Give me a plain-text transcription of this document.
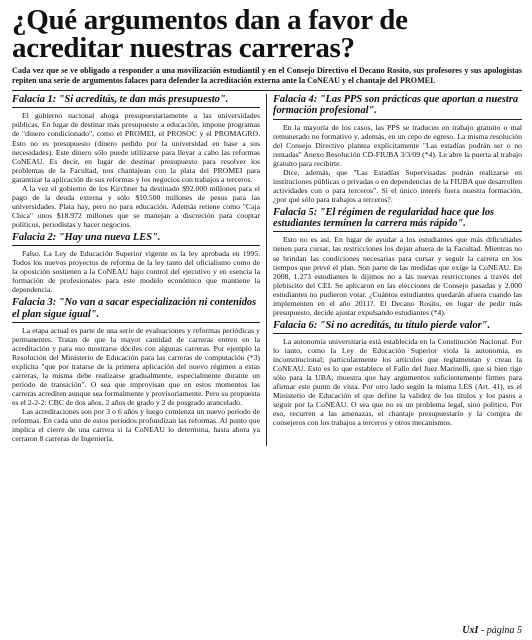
¿Qué argumentos dan a favor de acreditar nuestras carreras?
Cada vez que se ve obligado a responder a una movilización estudiantil y en el Consejo Directivo el Decano Rosito, sus profesores y sus apologistas repiten una serie de argumentos falaces para defender la acreditación externa ante la CoNEAU y el chantaje del PROMEI.
Falacia 1: "Si acreditás, te dan más presupuesto".

El gobierno nacional ahoga presupuestariamente a las universidades públicas. En lugar de destinar más presupuesto a educación, impone programas de "dinero condicionado", como el PROMEI, el PROSOC y el PROMAGRO. Esto no es presupuesto (dinero pedido por la universidad en base a sus necesidades). Este dinero sólo puede utilizarse para llevar a cabo las reformas CoNEAU. Es decir, en lugar de destinar presupuesto para resolver los problemas de la Facultad, nos chantajean con la plata del PROMEI para garantizar la aplicación de sus reformas y los negocios con trabajos a terceros.

A la vez el gobierno de los Kirchner ha destinado $92.000 millones para el pago de la deuda externa y sólo $10.500 millones de pesos para las universidades. Plata hay, pero no para educación. Además retiene como "Caja Chica" unos $18.972 millones que se manejan a discreción para cooptar políticos, periodistas y hacer negocios.

Falacia 2: "Hay una nueva LES".

Falso. La Ley de Educación Superior vigente es la ley aprobada en 1995. Todos los nuevos proyectos de reforma de la ley tanto del oficialismo como de la oposición sostienen a la CoNEAU bajo control del ejecutivo y en esencia la formación de profesionales para este modelo económico que mantiene la dependencia.

Falacia 3: "No van a sacar especialización ni contenidos el plan sigue igual".

La etapa actual es parte de una serie de evaluaciones y reformas periódicas y permanentes. Tratan de que la mayor cantidad de carreras entren en la acreditación y para eso mostrarse dóciles con algunas carreras. Por ejemplo la Resolución del Ministerio de Educación para las carreras de computación (*3) explicita "que por tratarse de la primera aplicación del nuevo régimen a estas carreras, la misma debe realizarse gradualmente, especialmente durante un período de transición". O sea que improvisan que en estos momentos las carreras acrediten aunque sea formalmente y provisoriamente. Pero su propuesta es el 2-2-2: CBC de dos años, 2 años de grado y 2 de posgrado arancelado.

Las acreditaciones son por 3 o 6 años y luego comienza un nuevo período de reformas. En cada uno de estos períodos profundizan las reformas. Al punto que implica el cierre de una carrera si la CoNEAU lo determina, hasta ahora ya cerraron 8 carreras de Ingeniería.

Falacia 4: "Las PPS son prácticas que aportan a nuestra formación profesional".

En la mayoría de los casos, las PPS se traducen en trabajo gratuito o mal remunerado no formativo y, además, en un cepo de egreso. La misma resolución del Consejo Directivo plantea explícitamente "Las estadías podrán ser o no rentadas" Anexo Resolución CD-FIUBA 3/3/09 (*4). Le abre la puerta al trabajo gratuito para recibirte.

Dice, además, que "Las Estadías Supervisadas podrán realizarse en instituciones públicas o privadas o en dependencias de la FIUBA que desarrollen actividades con o para terceros". Si el único interés fuera nuestra formación, ¿por qué sólo para trabajos a terceros?.

Falacia 5: "El régimen de regularidad hace que los estudiantes terminen la carrera más rápido".

Esto no es así. En lugar de ayudar a los estudiantes que más dificultades tienen para cursar, las restricciones los dejan afuera de la Facultad. Mientras no se brindan las condiciones necesarias para cursar y seguir la carrera en los tiempos que prevé el plan. Son parte de las medidas que exige la CoNEAU. En 2008, 1.273 estudiantes le dijimos no a las nuevas restricciones a través del plebiscito del CEI. Se aplicaron en las elecciones de Consejo pasadas y 2.000 estudiantes no pudieron votar. ¿Cuántos estudiantes quedarán afuera cuando las implementen en el año 2011?. El Decano Rosito, en lugar de pedir más presupuesto, decide ajustar expulsando estudiantes (*4).

Falacia 6: "Si no acreditás, tu título pierde valor".

La autonomía universitaria está establecida en la Constitución Nacional. Por lo tanto, como la Ley de Educación Superior viola la autonomía, es inconstitucional; particularmente los artículos que reglamentan y crean la CoNEAU. Esto es lo que establece el Fallo del Juez Marinelli, que si bien rige sólo para la UBA, muestra que hay argumentos suficientemente firmes para afirmar este punto de vista. Por otro lado según la misma LES (Art. 41), es el Ministerio de Educación el que define la validez de los títulos y los pasos a seguir por la CoNEAU. O sea que no es un problema legal, sino político. Por eso, recurren a las amenazas, el chantaje presupuestario y la compra de consejeros con los trabajos a terceros y otros mecanismos.

UxI - página 5
